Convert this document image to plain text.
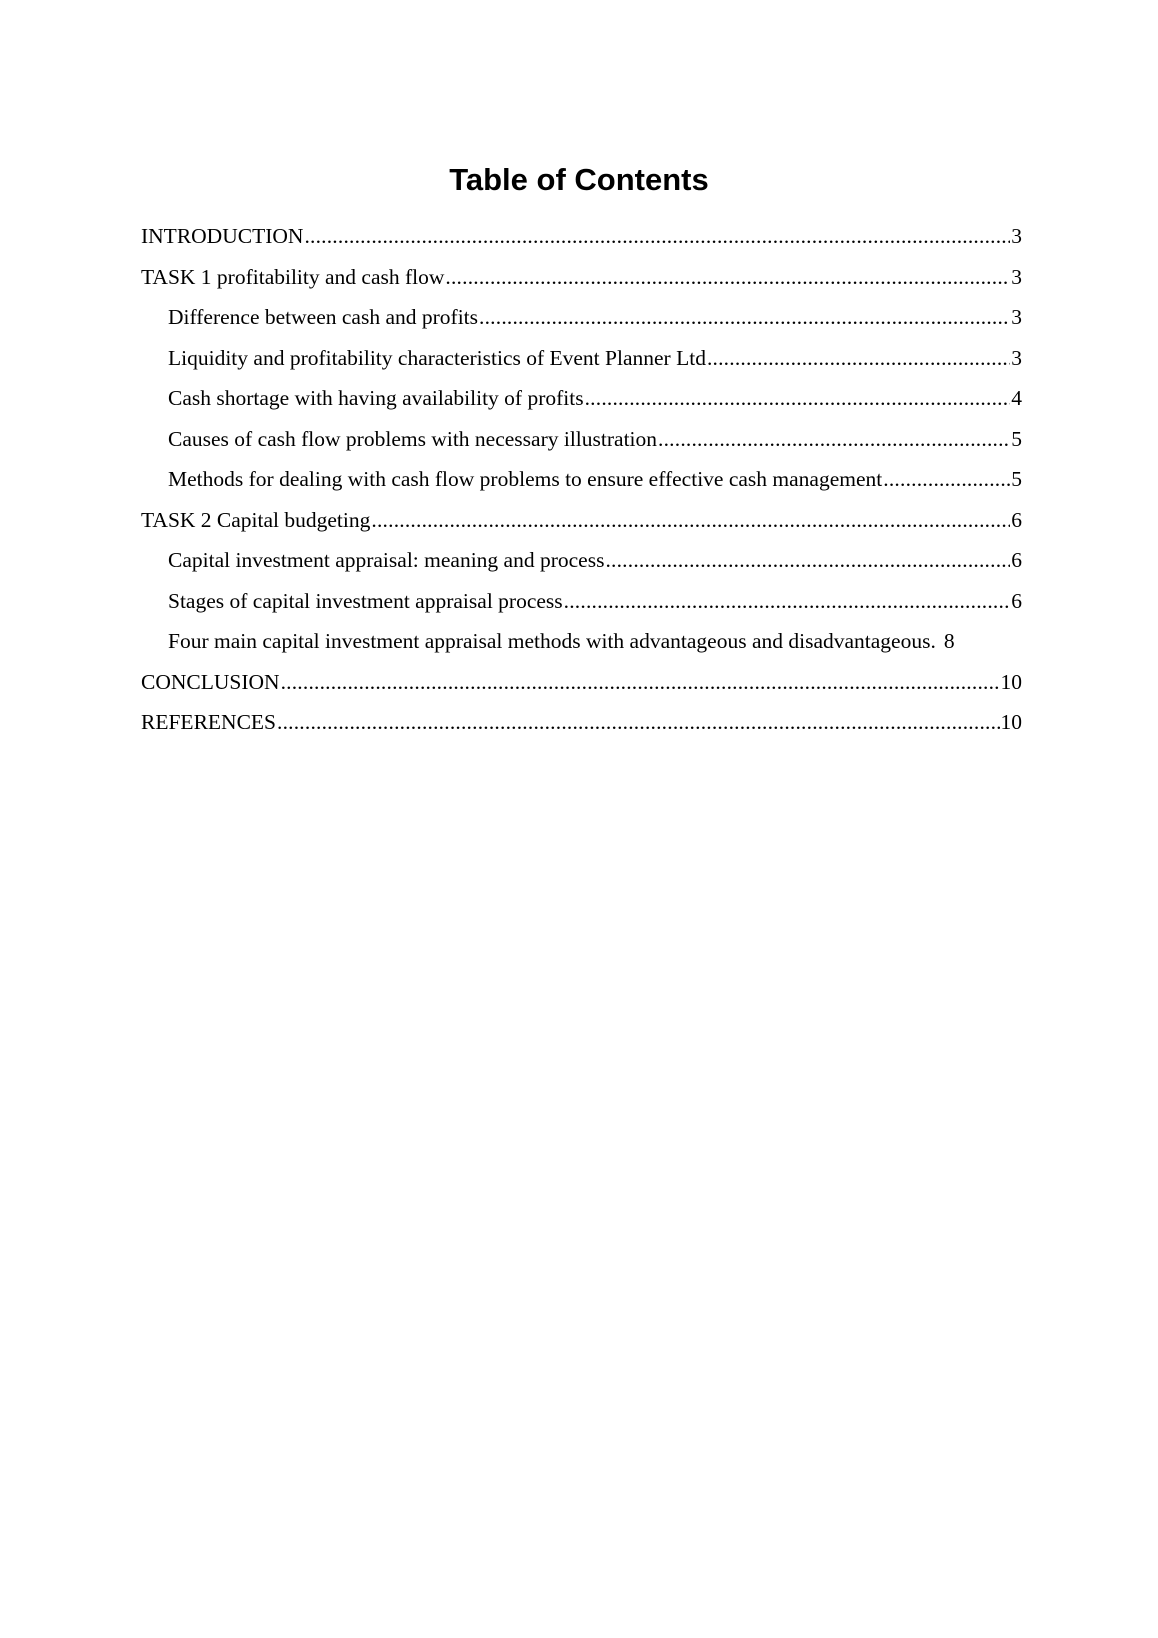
Table of Contents
INTRODUCTION .....	3
TASK 1 profitability and cash flow .....	3
Difference between cash and profits .....	3
Liquidity and profitability characteristics of Event Planner Ltd .....	3
Cash shortage with having availability of profits .....	4
Causes of cash flow problems with necessary illustration .....	5
Methods for dealing with cash flow problems to ensure effective cash management .....	5
TASK 2 Capital budgeting .....	6
Capital investment appraisal: meaning and process .....	6
Stages of capital investment appraisal process .....	6
Four main capital investment appraisal methods with advantageous and disadvantageous. 8
CONCLUSION .....	10
REFERENCES .....	10
